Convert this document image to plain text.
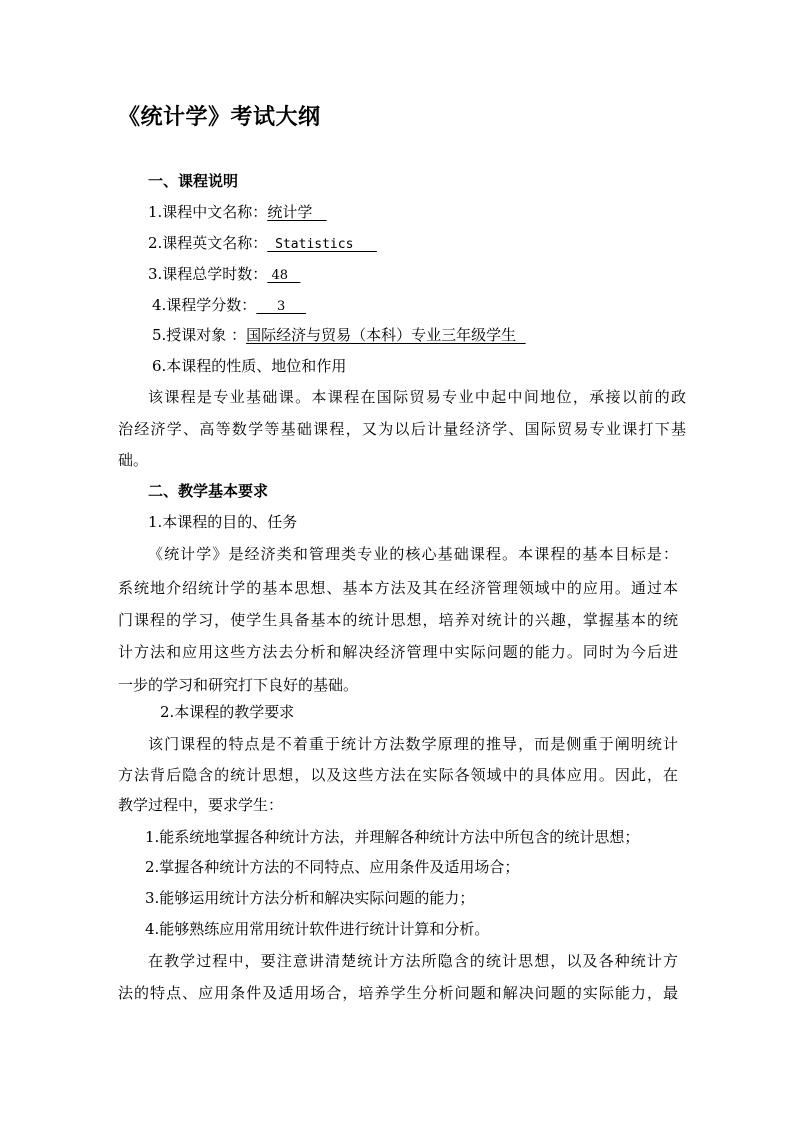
《统计学》考试大纲
一、课程说明
1.课程中文名称：统计学
2.课程英文名称： Statistics
3.课程总学时数： 48
4.课程学分数：     3
5.授课对象 ：国际经济与贸易（本科）专业三年级学生
6.本课程的性质、地位和作用
该课程是专业基础课。本课程在国际贸易专业中起中间地位，承接以前的政
治经济学、高等数学等基础课程，又为以后计量经济学、国际贸易专业课打下基
础。
二、教学基本要求
1.本课程的目的、任务
《统计学》是经济类和管理类专业的核心基础课程。本课程的基本目标是：
系统地介绍统计学的基本思想、基本方法及其在经济管理领域中的应用。通过本
门课程的学习，使学生具备基本的统计思想，培养对统计的兴趣，掌握基本的统
计方法和应用这些方法去分析和解决经济管理中实际问题的能力。同时为今后进
一步的学习和研究打下良好的基础。
2.本课程的教学要求
该门课程的特点是不着重于统计方法数学原理的推导，而是侧重于阐明统计
方法背后隐含的统计思想，以及这些方法在实际各领域中的具体应用。因此，在
教学过程中，要求学生：
1.能系统地掌握各种统计方法，并理解各种统计方法中所包含的统计思想；
2.掌握各种统计方法的不同特点、应用条件及适用场合；
3.能够运用统计方法分析和解决实际问题的能力；
4.能够熟练应用常用统计软件进行统计计算和分析。
在教学过程中，要注意讲清楚统计方法所隐含的统计思想，以及各种统计方
法的特点、应用条件及适用场合，培养学生分析问题和解决问题的实际能力，最
